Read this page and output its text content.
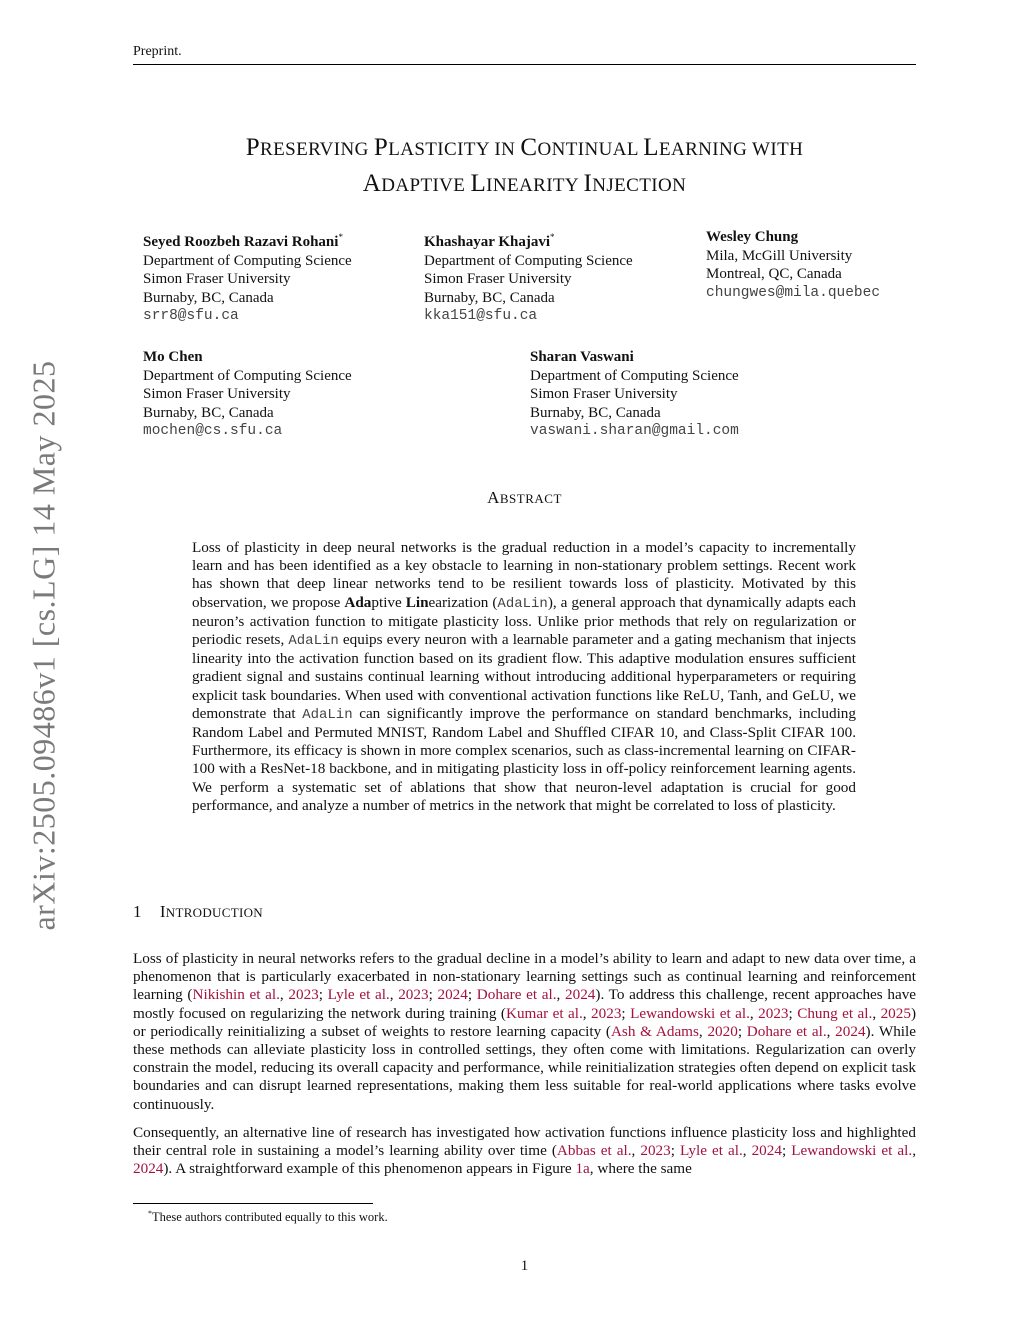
Preprint.
arXiv:2505.09486v1 [cs.LG] 14 May 2025
PRESERVING PLASTICITY IN CONTINUAL LEARNING WITH
ADAPTIVE LINEARITY INJECTION
Seyed Roozbeh Razavi Rohani*
Department of Computing Science
Simon Fraser University
Burnaby, BC, Canada
srr8@sfu.ca
Khashayar Khajavi*
Department of Computing Science
Simon Fraser University
Burnaby, BC, Canada
kka151@sfu.ca
Wesley Chung
Mila, McGill University
Montreal, QC, Canada
chungwes@mila.quebec
Mo Chen
Department of Computing Science
Simon Fraser University
Burnaby, BC, Canada
mochen@cs.sfu.ca
Sharan Vaswani
Department of Computing Science
Simon Fraser University
Burnaby, BC, Canada
vaswani.sharan@gmail.com
ABSTRACT
Loss of plasticity in deep neural networks is the gradual reduction in a model’s capacity to incrementally learn and has been identified as a key obstacle to learning in non-stationary problem settings. Recent work has shown that deep linear networks tend to be resilient towards loss of plasticity. Motivated by this observation, we propose Adaptive Linearization (AdaLin), a general approach that dynamically adapts each neuron’s activation function to mitigate plasticity loss. Unlike prior methods that rely on regularization or periodic resets, AdaLin equips every neuron with a learnable parameter and a gating mechanism that injects linearity into the activation function based on its gradient flow. This adaptive modulation ensures sufficient gradient signal and sustains continual learning without introducing additional hyperparameters or requiring explicit task boundaries. When used with conventional activation functions like ReLU, Tanh, and GeLU, we demonstrate that AdaLin can significantly improve the performance on standard benchmarks, including Random Label and Permuted MNIST, Random Label and Shuffled CIFAR 10, and Class-Split CIFAR 100. Furthermore, its efficacy is shown in more complex scenarios, such as class-incremental learning on CIFAR-100 with a ResNet-18 backbone, and in mitigating plasticity loss in off-policy reinforcement learning agents. We perform a systematic set of ablations that show that neuron-level adaptation is crucial for good performance, and analyze a number of metrics in the network that might be correlated to loss of plasticity.
1 INTRODUCTION
Loss of plasticity in neural networks refers to the gradual decline in a model’s ability to learn and adapt to new data over time, a phenomenon that is particularly exacerbated in non-stationary learning settings such as continual learning and reinforcement learning (Nikishin et al., 2023; Lyle et al., 2023; 2024; Dohare et al., 2024). To address this challenge, recent approaches have mostly focused on regularizing the network during training (Kumar et al., 2023; Lewandowski et al., 2023; Chung et al., 2025) or periodically reinitializing a subset of weights to restore learning capacity (Ash & Adams, 2020; Dohare et al., 2024). While these methods can alleviate plasticity loss in controlled settings, they often come with limitations. Regularization can overly constrain the model, reducing its overall capacity and performance, while reinitialization strategies often depend on explicit task boundaries and can disrupt learned representations, making them less suitable for real-world applications where tasks evolve continuously.
Consequently, an alternative line of research has investigated how activation functions influence plasticity loss and highlighted their central role in sustaining a model’s learning ability over time (Abbas et al., 2023; Lyle et al., 2024; Lewandowski et al., 2024). A straightforward example of this phenomenon appears in Figure 1a, where the same
*These authors contributed equally to this work.
1
